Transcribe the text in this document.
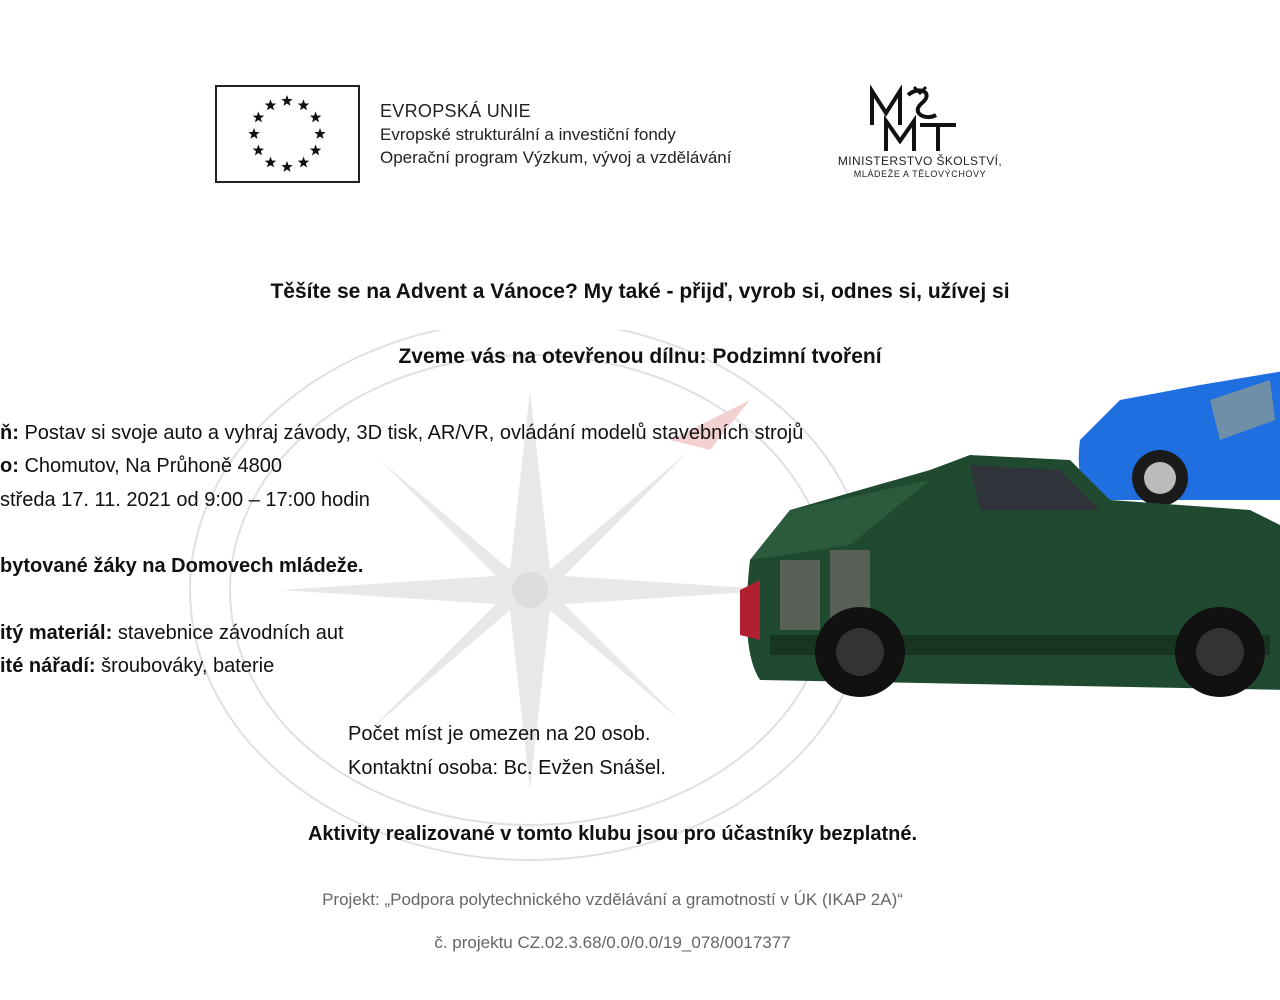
EVROPSKÁ UNIE
Evropské strukturální a investiční fondy
Operační program Výzkum, vývoj a vzdělávání	MINISTERSTVO ŠKOLSTVÍ,
MLÁDEŽE A TĚLOVÝCHOVY
Těšíte se na Advent a Vánoce? My také - přijď, vyrob si, odnes si, užívej si
Zveme vás na otevřenou dílnu: Podzimní tvoření
ň: Postav si svoje auto a vyhraj závody, 3D tisk, AR/VR, ovládání modelů stavebních strojů
o: Chomutov, Na Průhoně 4800
středa 17. 11. 2021 od 9:00 – 17:00 hodin
bytované žáky na Domovech mládeže.
itý materiál: stavebnice závodních aut
ité nářadí: šroubováky, baterie
Počet míst je omezen na 20 osob.
Kontaktní osoba: Bc. Evžen Snášel.
Aktivity realizované v tomto klubu jsou pro účastníky bezplatné.
Projekt: „Podpora polytechnického vzdělávání a gramotností v ÚK (IKAP 2A)“
č. projektu CZ.02.3.68/0.0/0.0/19_078/0017377
